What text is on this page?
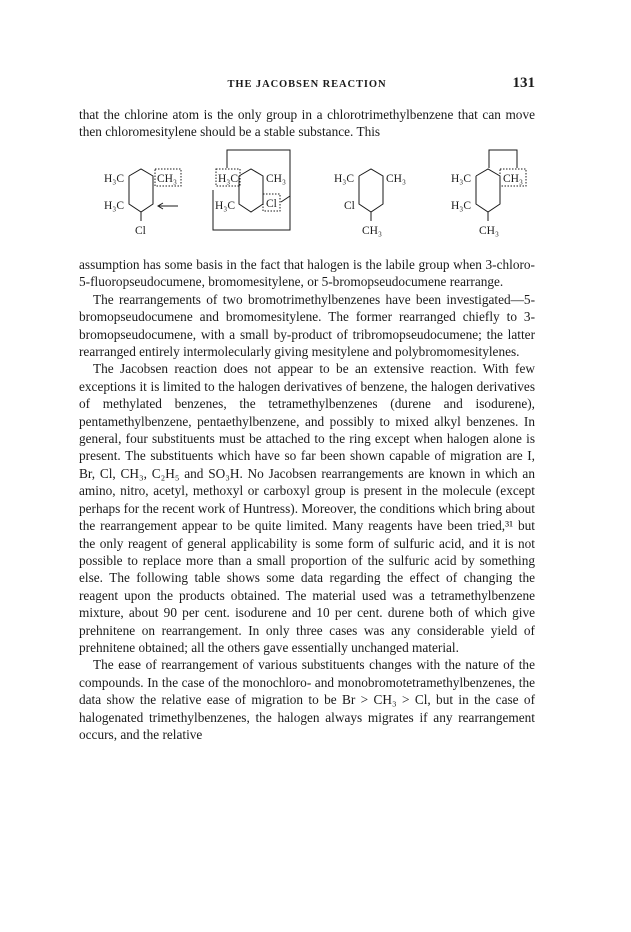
THE JACOBSEN REACTION	131

that the chlorine atom is the only group in a chlorotrimethylbenzene that can move then chloromesitylene should be a stable substance. This

H₃C	CH₃
H₃C
Cl
H₃C CH₃
H₃C	Cl
H₃C	CH₃
Cl
CH₃
H₃C	CH₃
H₃C
CH₃

assumption has some basis in the fact that halogen is the labile group when 3-chloro-5-fluoropseudocumene, bromomesitylene, or 5-bromopseudocumene rearrange.

The rearrangements of two bromotrimethylbenzenes have been investigated—5-bromopseudocumene and bromomesitylene. The former rearranged chiefly to 3-bromopseudocumene, with a small by-product of tribromopseudocumene; the latter rearranged entirely intermolecularly giving mesitylene and polybromomesitylenes.

The Jacobsen reaction does not appear to be an extensive reaction. With few exceptions it is limited to the halogen derivatives of benzene, the halogen derivatives of methylated benzenes, the tetramethylbenzenes (durene and isodurene), pentamethylbenzene, pentaethylbenzene, and possibly to mixed alkyl benzenes. In general, four substituents must be attached to the ring except when halogen alone is present. The substituents which have so far been shown capable of migration are I, Br, Cl, CH₃, C₂H₅ and SO₃H. No Jacobsen rearrangements are known in which an amino, nitro, acetyl, methoxyl or carboxyl group is present in the molecule (except perhaps for the recent work of Huntress). Moreover, the conditions which bring about the rearrangement appear to be quite limited. Many reagents have been tried,³¹ but the only reagent of general applicability is some form of sulfuric acid, and it is not possible to replace more than a small proportion of the sulfuric acid by something else. The following table shows some data regarding the effect of changing the reagent upon the products obtained. The material used was a tetramethylbenzene mixture, about 90 per cent. isodurene and 10 per cent. durene both of which give prehnitene on rearrangement. In only three cases was any considerable yield of prehnitene obtained; all the others gave essentially unchanged material.

The ease of rearrangement of various substituents changes with the nature of the compounds. In the case of the monochloro- and monobromotetramethylbenzenes, the data show the relative ease of migration to be Br > CH₃ > Cl, but in the case of halogenated trimethylbenzenes, the halogen always migrates if any rearrangement occurs, and the relative
